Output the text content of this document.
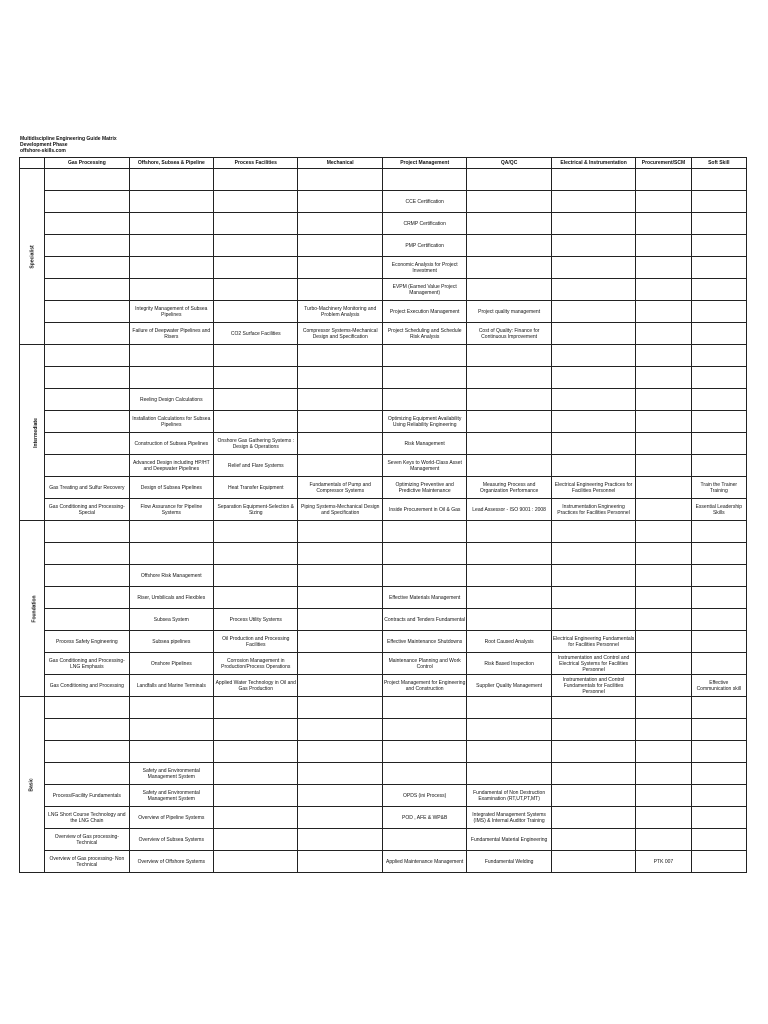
Multidiscipline Engineering Guide Matrix
Development Phase
offshore-skills.com
	Gas Processing	Offshore, Subsea & Pipeline	Process Facilities	Mechanical	Project Management	QA/QC	Electrical & Instrumentation	Procurement/SCM	Soft Skill
Specialist									
					CCE Certification				
					CRMP Certification				
					PMP Certification				
					Economic Analysis for Project Investment				
					EVPM (Earned Value Project Management)				
		Integrity Management of Subsea Pipelines		Turbo-Machinery Monitoring and Problem Analysis	Project Execution Management	Project quality management			
		Failure of Deepwater Pipelines and Risers	CO2 Surface Facilities	Compressor Systems-Mechanical Design and Specification	Project Scheduling and Schedule Risk Analysis	Cost of Quality: Finance for Continuous Improvement			
Intermediate									

		Reeling Design Calculations							
		Installation Calculations for Subsea Pipelines			Optimizing Equipment Availability Using Reliability Engineering				
		Construction of Subsea Pipelines	Onshore Gas Gathering Systems : Design & Operations		Risk Management				
		Advanced Design including HP/HT and Deepwater Pipelines	Relief and Flare Systems		Seven Keys to World-Class Asset Management				
	Gas Treating and Sulfur Recovery	Design of Subsea Pipelines	Heat Transfer Equipment	Fundamentals of Pump and Compressor Systems	Optimizing Preventive and Predictive Maintenance	Measuring Process and Organization Performance	Electrical Engineering Practices for Facilities Personnel		Train the Trainer Training
	Gas Conditioning and Processing-Special	Flow Assurance for Pipeline Systems	Separation Equipment-Selection & Sizing	Piping Systems-Mechanical Design and Specification	Inside Procurement in Oil & Gas	Lead Assessor - ISO 9001 : 2008	Instrumentation Engineering Practices for Facilities Personnel		Essential Leadership Skills
Foundation									

		Offshore Risk Management							
		Riser, Umbilicals and Flexibles			Effective Materials Management				
		Subsea System	Process Utility Systems		Contracts and Tenders Fundamental				
	Process Safety Engineering	Subsea pipelines	Oil Production and Processing Facilities		Effective Maintenance Shutdowns	Root Caused Analysis	Electrical Engineering Fundamentals for Facilities Personnel		
	Gas Conditioning and Processing-LNG Emphasis	Onshore Pipelines	Corrosion Management in Production/Process Operations		Maintenance Planning and Work Control	Risk Based Inspection	Instrumentation and Control and Electrical Systems for Facilities Personnel		
	Gas Conditioning and Processing	Landfalls and Marine Terminals	Applied Water Technology in Oil and Gas Production		Project Management for Engineering and Construction	Supplier Quality Management	Instrumentation and Control Fundamentals for Facilities Personnel		Effective Communication skill
Basic									

		Safety and Environmental Management System							
	Process/Facility Fundamentals	Safety and Environmental Management System			OPDS (ini Process)	Fundamental of Non Destruction Examination (RT,UT,PT,MT)			
	LNG Short Course Technology and the LNG Chain	Overview of Pipeline Systems			POD , AFE & WP&B	Integrated Management Systems (IMS) & Internal Auditor Training			
	Overview of Gas processing-Technical	Overview of Subsea Systems				Fundamental Material Engineering			
	Overview of Gas processing- Non Technical	Overview of Offshore Systems			Applied Maintenance Management	Fundamental Welding		PTK 007	
